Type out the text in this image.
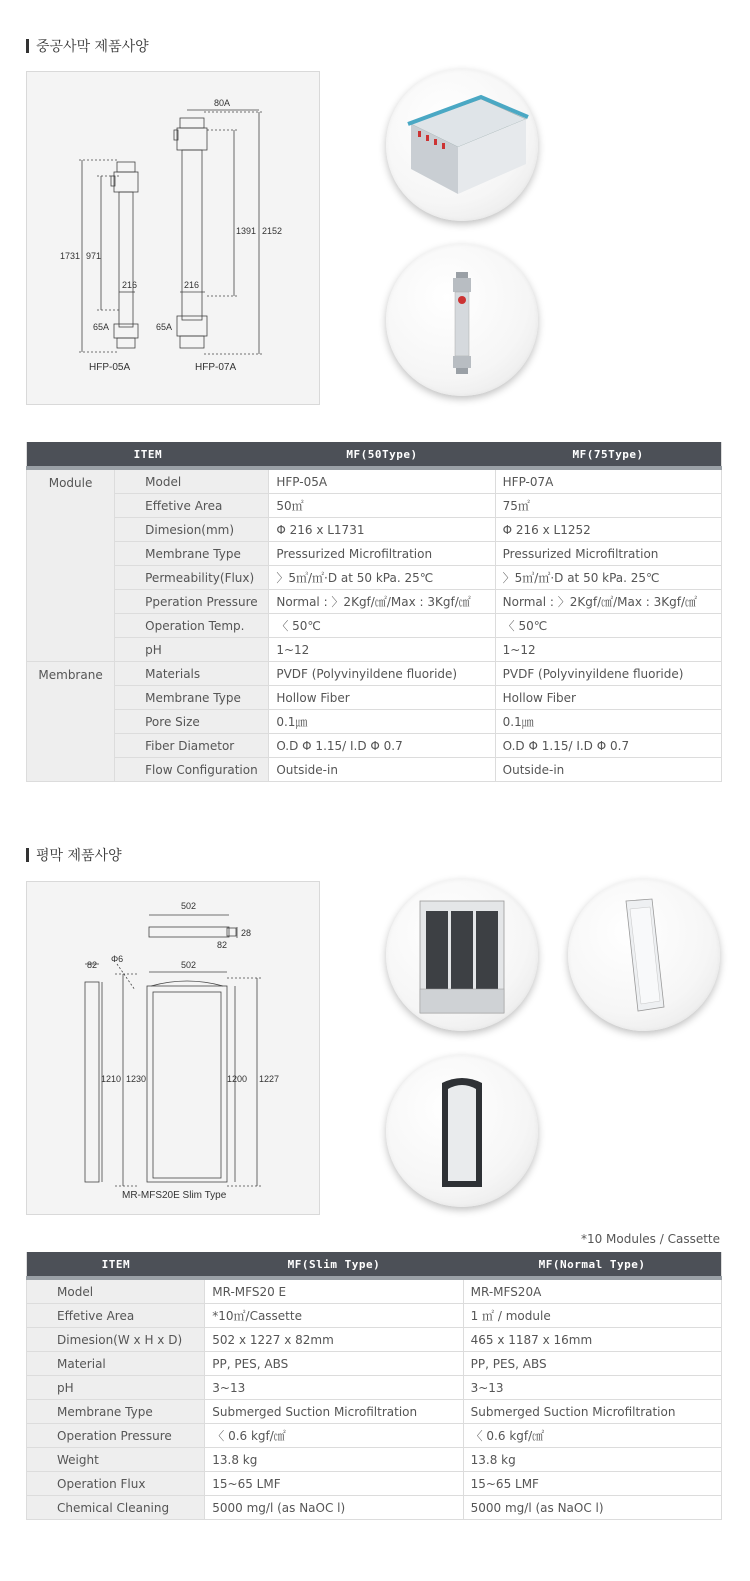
중공사막 제품사양
80A
1731 971
1391 2152
216	216
65A	65A
HFP-05A	HFP-07A
ITEM		MF(50Type)	MF(75Type)
Module	Model	HFP-05A	HFP-07A
	Effetive Area	50㎡	75㎡
	Dimesion(mm)	Φ 216 x L1731	Φ 216 x L1252
	Membrane Type	Pressurized Microfiltration	Pressurized Microfiltration
	Permeability(Flux)	〉5㎥/㎡·D at 50 kPa. 25℃	〉5㎥/㎡·D at 50 kPa. 25℃
	Pperation Pressure	Normal : 〉2Kgf/㎠/Max : 3Kgf/㎠	Normal : 〉2Kgf/㎠/Max : 3Kgf/㎠
	Operation Temp.	〈 50℃	〈 50℃
	pH	1~12	1~12
Membrane	Materials	PVDF (Polyvinyildene fluoride)	PVDF (Polyvinyildene fluoride)
	Membrane Type	Hollow Fiber	Hollow Fiber
	Pore Size	0.1㎛	0.1㎛
	Fiber Diametor	O.D Φ 1.15/ I.D Φ 0.7	O.D Φ 1.15/ I.D Φ 0.7
	Flow Configuration	Outside-in	Outside-in
평막 제품사양
502
28
82
82
Φ6
502
1210 1230	1200 1227
MR-MFS20E Slim Type
*10 Modules / Cassette
ITEM	MF(Slim Type)	MF(Normal Type)
Model	MR-MFS20 E	MR-MFS20A
Effetive Area	*10㎡/Cassette	1 ㎡ / module
Dimesion(W x H x D)	502 x 1227 x 82mm	465 x 1187 x 16mm
Material	PP, PES, ABS	PP, PES, ABS
pH	3~13	3~13
Membrane Type	Submerged Suction Microfiltration	Submerged Suction Microfiltration
Operation Pressure	〈 0.6 kgf/㎠	〈 0.6 kgf/㎠
Weight	13.8 kg	13.8 kg
Operation Flux	15~65 LMF	15~65 LMF
Chemical Cleaning	5000 mg/l (as NaOC l)	5000 mg/l (as NaOC l)
